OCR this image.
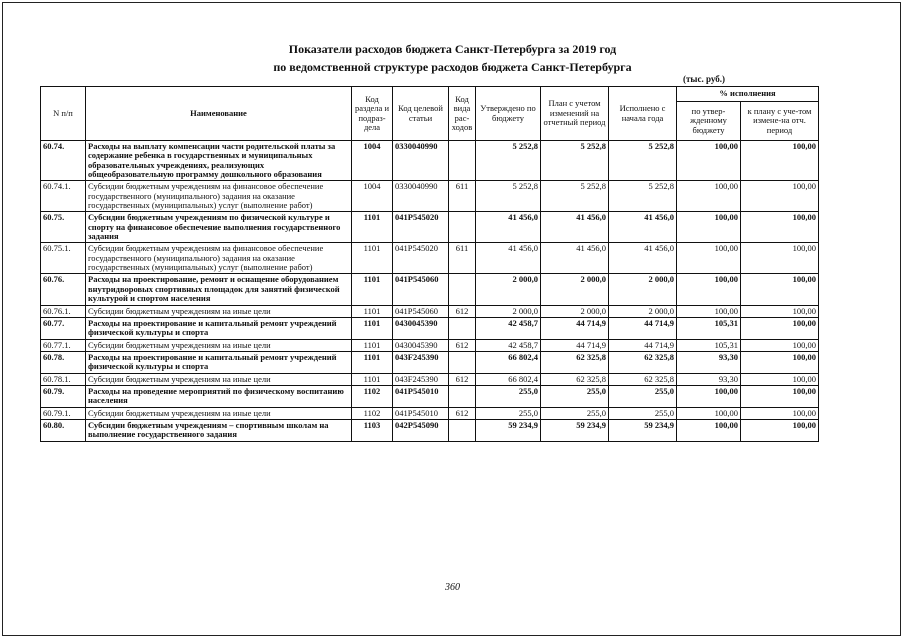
Показатели расходов бюджета Санкт-Петербурга за 2019 год
по ведомственной структуре расходов бюджета Санкт-Петербурга
(тыс. руб.)
N п/п	Наименование	Код раздела и подраз-дела	Код целевой статьи	Код вида рас-ходов	Утверждено по бюджету	План с учетом изменений на отчетный период	Исполнено с начала года	% исполнения	
								по утвер-жденному бюджету	к плану с уче-том измене-на отч. период
60.74.	Расходы на выплату компенсации части родительской платы за содержание ребенка в государственных и муниципальных образовательных учреждениях, реализующих общеобразовательную программу дошкольного образования	1004	0330040990		5 252,8	5 252,8	5 252,8	100,00	100,00
60.74.1.	Субсидии бюджетным учреждениям на финансовое обеспечение государственного (муниципального) задания на оказание государственных (муниципальных) услуг (выполнение работ)	1004	0330040990	611	5 252,8	5 252,8	5 252,8	100,00	100,00
60.75.	Субсидии бюджетным учреждениям по физической культуре и спорту на финансовое обеспечение выполнения государственного задания	1101	041P545020		41 456,0	41 456,0	41 456,0	100,00	100,00
60.75.1.	Субсидии бюджетным учреждениям на финансовое обеспечение государственного (муниципального) задания на оказание государственных (муниципальных) услуг (выполнение работ)	1101	041P545020	611	41 456,0	41 456,0	41 456,0	100,00	100,00
60.76.	Расходы на проектирование, ремонт и оснащение оборудованием внутридворовых спортивных площадок для занятий физической культурой и спортом населения	1101	041P545060		2 000,0	2 000,0	2 000,0	100,00	100,00
60.76.1.	Субсидии бюджетным учреждениям на иные цели	1101	041P545060	612	2 000,0	2 000,0	2 000,0	100,00	100,00
60.77.	Расходы на проектирование и капитальный ремонт учреждений физической культуры и спорта	1101	0430045390		42 458,7	44 714,9	44 714,9	105,31	100,00
60.77.1.	Субсидии бюджетным учреждениям на иные цели	1101	0430045390	612	42 458,7	44 714,9	44 714,9	105,31	100,00
60.78.	Расходы на проектирование и капитальный ремонт учреждений физической культуры и спорта	1101	043F245390		66 802,4	62 325,8	62 325,8	93,30	100,00
60.78.1.	Субсидии бюджетным учреждениям на иные цели	1101	043F245390	612	66 802,4	62 325,8	62 325,8	93,30	100,00
60.79.	Расходы на проведение мероприятий по физическому воспитанию населения	1102	041P545010		255,0	255,0	255,0	100,00	100,00
60.79.1.	Субсидии бюджетным учреждениям на иные цели	1102	041P545010	612	255,0	255,0	255,0	100,00	100,00
60.80.	Субсидии бюджетным учреждениям – спортивным школам на выполнение государственного задания	1103	042P545090		59 234,9	59 234,9	59 234,9	100,00	100,00
360
